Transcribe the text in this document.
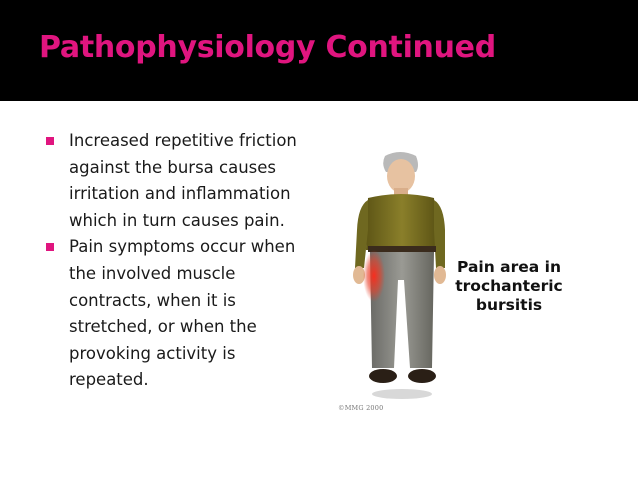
Pathophysiology Continued
Increased repetitive friction against the bursa causes irritation and inflammation which in turn causes pain.
Pain symptoms occur when the involved muscle contracts, when it is stretched, or when the provoking activity is repeated.
Pain area in
trochanteric
bursitis
©MMG 2000
